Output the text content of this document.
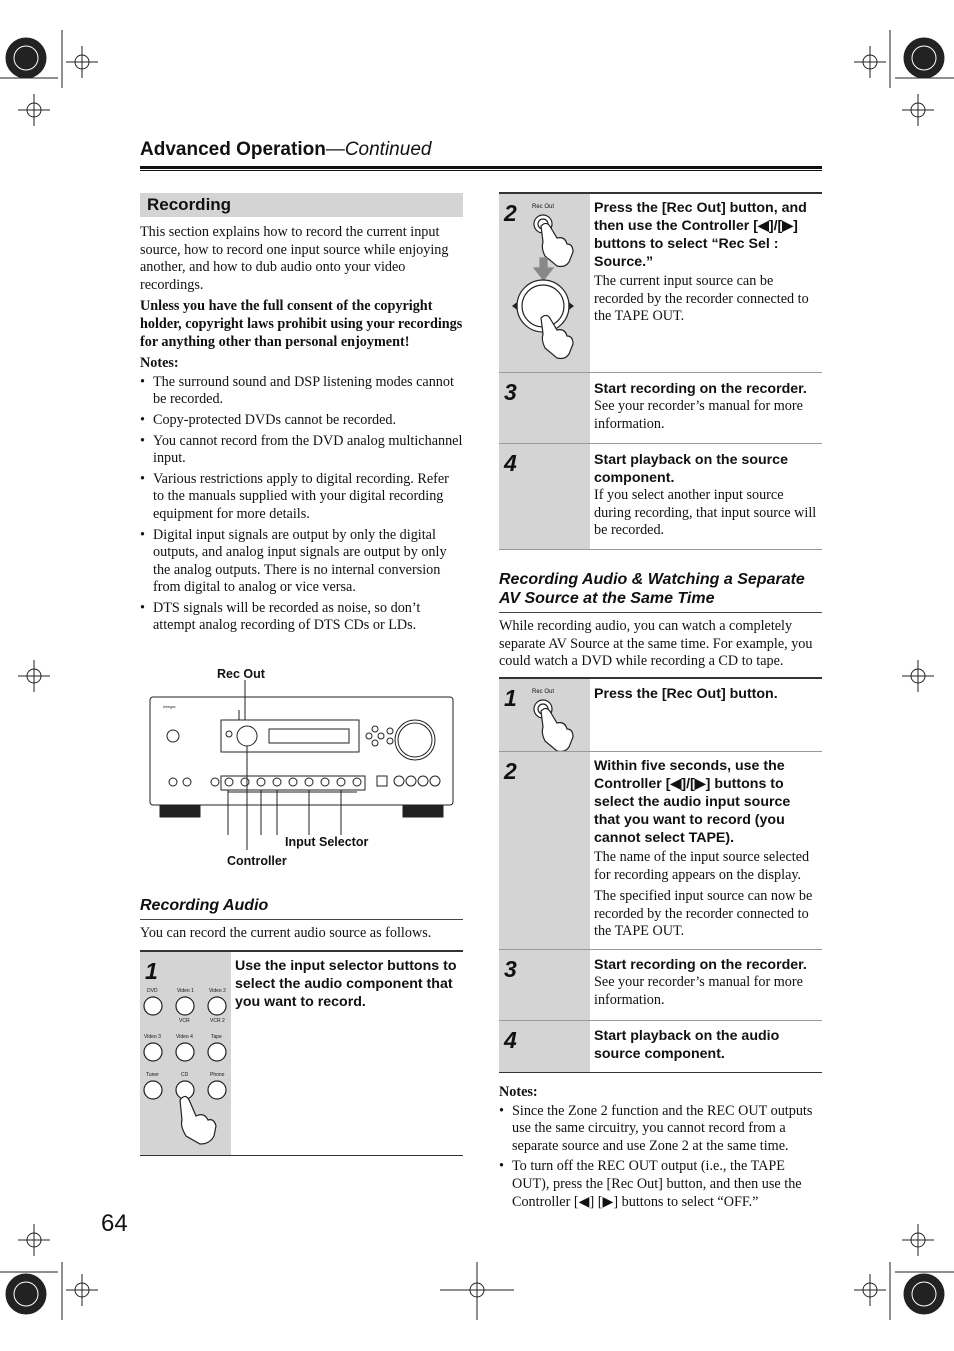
Advanced Operation—Continued
Recording

This section explains how to record the current input source, how to record one input source while enjoying another, and how to dub audio onto your video recordings.

Unless you have the full consent of the copyright holder, copyright laws prohibit using your recordings for anything other than personal enjoyment!

Notes:

• The surround sound and DSP listening modes cannot be recorded.
• Copy-protected DVDs cannot be recorded.
• You cannot record from the DVD analog multichannel input.
• Various restrictions apply to digital recording. Refer to the manuals supplied with your digital recording equipment for more details.
• Digital input signals are output by only the digital outputs, and analog input signals are output by only the analog outputs. There is no internal conversion from digital to analog or vice versa.
• DTS signals will be recorded as noise, so don’t attempt analog recording of DTS CDs or LDs.
Rec Out
Input Selector
Controller
Integra
Recording Audio
You can record the current audio source as follows.
1
DVD	Video 1
VCR
Video 2
VCR 2
Video 3	Video 4	Tape
Tuner	CD	Phono
Use the input selector buttons to select the audio component that you want to record.
2	Rec Out	Press the [Rec Out] button, and then use the Controller [◀]/[▶] buttons to select “Rec Sel : Source.”

The current input source can be recorded by the recorder connected to the TAPE OUT.

3	Start recording on the recorder.

See your recorder’s manual for more information.

4	Start playback on the source component.

If you select another input source during recording, that input source will be recorded.

Recording Audio & Watching a Separate
AV Source at the Same Time
While recording audio, you can watch a completely separate AV Source at the same time. For example, you could watch a DVD while recording a CD to tape.
1	Rec Out	Press the [Rec Out] button.
2	Within five seconds, use the Controller [◀]/[▶] buttons to select the audio input source that you want to record (you cannot select TAPE).

The name of the input source selected for recording appears on the display.

The specified input source can now be recorded by the recorder connected to the TAPE OUT.

3	Start recording on the recorder.

See your recorder’s manual for more information.

4	Start playback on the audio source component.

Notes:

• Since the Zone 2 function and the REC OUT outputs use the same circuitry, you cannot record from a separate source and use Zone 2 at the same time.
• To turn off the REC OUT output (i.e., the TAPE OUT), press the [Rec Out] button, and then use the Controller [◀] [▶] buttons to select “OFF.”
64
